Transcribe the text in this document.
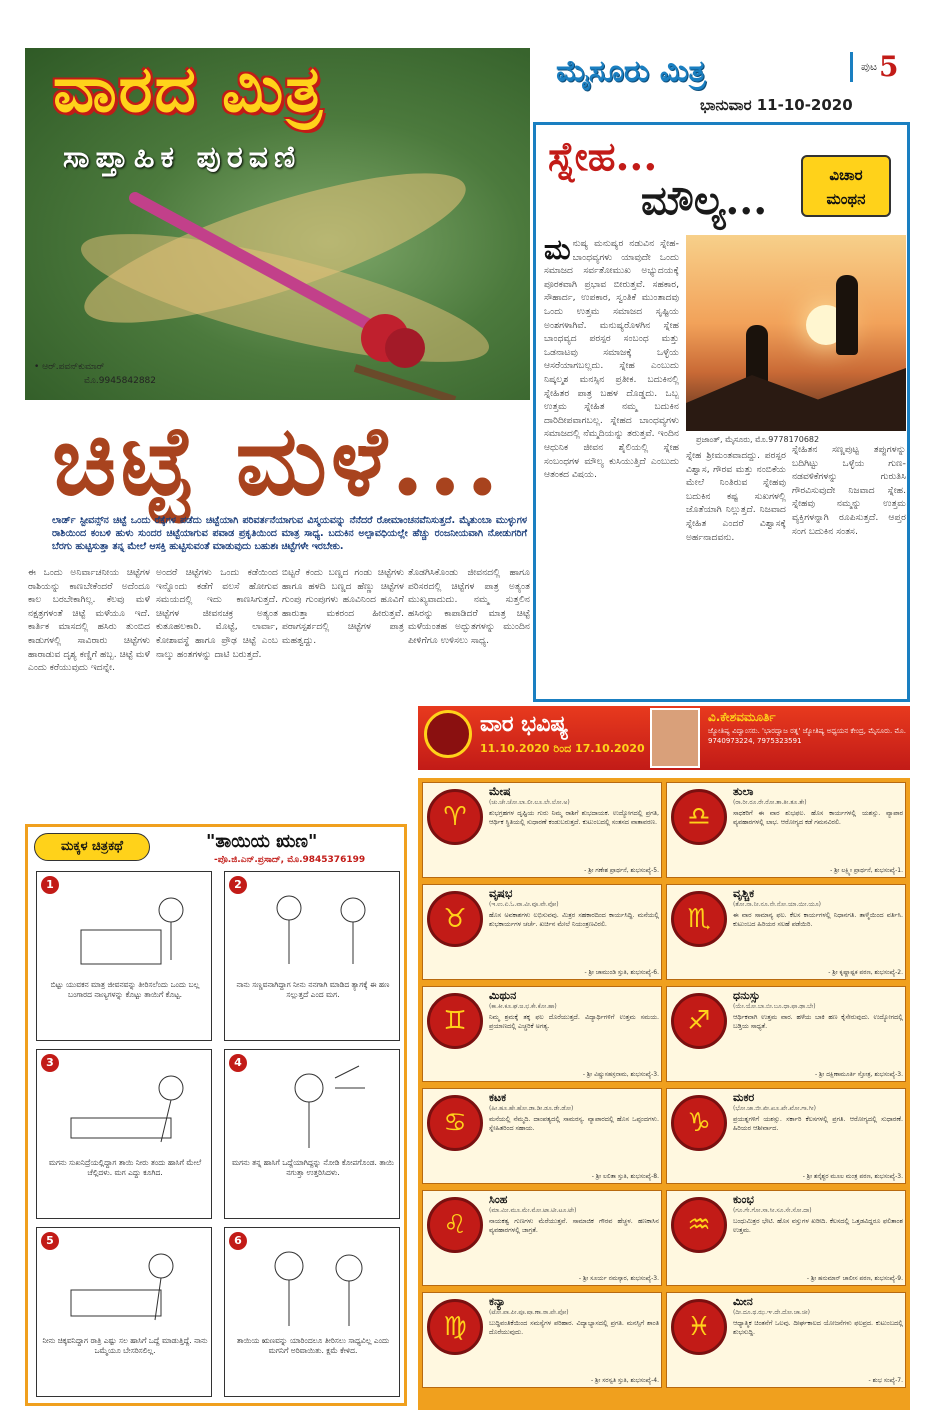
ವಾರದ ಮಿತ್ರ
ಸಾಪ್ತಾಹಿಕ ಪುರವಣಿ
• ಆರ್.ಪವನ್‌ಕುಮಾರ್
ಮೊ.9945842882
ಮೈಸೂರು ಮಿತ್ರ	ಪುಟ 5
ಭಾನುವಾರ 11-10-2020
ಸ್ನೇಹ...
ಮೌಲ್ಯ...
ವಿಚಾರ
ಮಂಥನ
ಪ್ರಜಾಂತ್, ಮೈಸೂರು, ಮೊ.9778170682
ಮನುಷ್ಯ ಮನುಷ್ಯರ ನಡುವಿನ ಸ್ನೇಹ-ಬಾಂಧವ್ಯಗಳು ಯಾವುದೇ ಒಂದು ಸಮಾಜದ ಸರ್ವತೋಮುಖ ಅಭ್ಯುದಯಕ್ಕೆ ಪೂರಕವಾಗಿ ಪ್ರಭಾವ ಬೀರುತ್ತವೆ. ಸಹಕಾರ, ಸೌಹಾರ್ದ, ಉಪಕಾರ, ಸ್ವಂತಿಕೆ ಮುಂತಾದವು ಒಂದು ಉತ್ತಮ ಸಮಾಜದ ಸೃಷ್ಟಿಯ ಅಂಶಗಳಾಗಿವೆ. ಮನುಷ್ಯರೊಳಗಿನ ಸ್ನೇಹ ಬಾಂಧವ್ಯದ ಪರಸ್ಪರ ಸಂಬಂಧ ಮತ್ತು ಒಡನಾಟವು ಸಮಾಜಕ್ಕೆ ಒಳ್ಳೆಯ ಆಸರೆಯಾಗಬಲ್ಲದು. ಸ್ನೇಹ ಎಂಬುದು ನಿಷ್ಕಲ್ಮಶ ಮನಸ್ಸಿನ ಪ್ರತೀಕ. ಬದುಕಿನಲ್ಲಿ ಸ್ನೇಹಿತರ ಪಾತ್ರ ಬಹಳ ದೊಡ್ಡದು. ಒಬ್ಬ ಉತ್ತಮ ಸ್ನೇಹಿತ ನಮ್ಮ ಬದುಕಿನ ದಾರಿದೀಪವಾಗಬಲ್ಲ. ಸ್ನೇಹದ ಬಾಂಧವ್ಯಗಳು ಸಮಾಜದಲ್ಲಿ ನೆಮ್ಮದಿಯನ್ನು ತರುತ್ತವೆ. ಇಂದಿನ ಆಧುನಿಕ ಜೀವನ ಶೈಲಿಯಲ್ಲಿ ಸ್ನೇಹ ಸಂಬಂಧಗಳ ಮೌಲ್ಯ ಕುಸಿಯುತ್ತಿದೆ ಎಂಬುದು ಆತಂಕದ ವಿಷಯ.
ಸ್ನೇಹ ಶ್ರೀಮಂತವಾದದ್ದು. ಪರಸ್ಪರ ವಿಶ್ವಾಸ, ಗೌರವ ಮತ್ತು ನಂಬಿಕೆಯ ಮೇಲೆ ನಿಂತಿರುವ ಸ್ನೇಹವು ಬದುಕಿನ ಕಷ್ಟ ಸುಖಗಳಲ್ಲಿ ಜೊತೆಯಾಗಿ ನಿಲ್ಲುತ್ತದೆ. ನಿಜವಾದ ಸ್ನೇಹಿತ ಎಂದರೆ ವಿಶ್ವಾಸಕ್ಕೆ ಅರ್ಹನಾದವನು.
ಸ್ನೇಹಿತನ ಸಣ್ಣಪುಟ್ಟ ತಪ್ಪುಗಳನ್ನು ಬದಿಗಿಟ್ಟು ಒಳ್ಳೆಯ ಗುಣ-ನಡವಳಿಕೆಗಳನ್ನು ಗುರುತಿಸಿ ಗೌರವಿಸುವುದೇ ನಿಜವಾದ ಸ್ನೇಹ. ಸ್ನೇಹವು ನಮ್ಮನ್ನು ಉತ್ತಮ ವ್ಯಕ್ತಿಗಳನ್ನಾಗಿ ರೂಪಿಸುತ್ತದೆ. ಆಪ್ತರ ಸಂಗ ಬದುಕಿನ ಸಂತಸ.
ಚಿಟ್ಟೆ ಮಳೆ...
ಲಾರ್ಡ್ ಸ್ಟೀವನ್ಸ್‌ನ ಚಿಟ್ಟೆ ಒಂದು ರೆಕ್ಕೆಗಳ ಪಡೆದು ಚಿಟ್ಟೆಯಾಗಿ ಪರಿವರ್ತನೆಯಾಗುವ ವಿಸ್ಮಯವನ್ನು ನೆನೆದರೆ ರೋಮಾಂಚನವೆನಿಸುತ್ತದೆ. ಮೈತುಂಬಾ ಮುಳ್ಳುಗಳ ರಾಶಿಯಿಂದ ಕಂಬಳಿ ಹುಳು ಸುಂದರ ಚಿಟ್ಟೆಯಾಗುವ ಪವಾಡ ಪ್ರಕೃತಿಯಿಂದ ಮಾತ್ರ ಸಾಧ್ಯ. ಬದುಕಿನ ಅಲ್ಪಾವಧಿಯಲ್ಲೇ ಹೆಚ್ಚು ರಂಜನೀಯವಾಗಿ ನೋಡುಗರಿಗೆ ಬೆರಗು ಹುಟ್ಟಿಸುತ್ತಾ ತನ್ನ ಮೇಲೆ ಆಸಕ್ತಿ ಹುಟ್ಟಿಸುವಂತೆ ಮಾಡುವುದು ಬಹುಶಃ ಚಿಟ್ಟೆಗಳೇ ಇರಬೇಕು.
ಈ ಒಂದು ಅನಿರ್ವಾಚನೀಯ ಚಿಟ್ಟೆಗಳ ರಾಶಿಯನ್ನು ಕಾಣಬೇಕೆಂದರೆ ಅದೆಂದೂ ಕಾಲ ಬರಬೇಕಾಗಿಲ್ಲ. ಕೆಲವು ಮಳೆ ನಕ್ಷತ್ರಗಳಂತೆ ಚಿಟ್ಟೆ ಮಳೆಯೂ ಇದೆ. ಕಾರ್ತಿಕ ಮಾಸದಲ್ಲಿ ಹಸಿರು ತುಂಬಿದ ಕಾಡುಗಳಲ್ಲಿ ಸಾವಿರಾರು ಚಿಟ್ಟೆಗಳು ಹಾರಾಡುವ ದೃಶ್ಯ ಕಣ್ಣಿಗೆ ಹಬ್ಬ. ಚಿಟ್ಟೆ ಮಳೆ ಎಂದು ಕರೆಯುವುದು ಇದನ್ನೇ.
ಅಂದರೆ ಚಿಟ್ಟೆಗಳು ಒಂದು ಕಡೆಯಿಂದ ಇನ್ನೊಂದು ಕಡೆಗೆ ವಲಸೆ ಹೋಗುವ ಸಮಯದಲ್ಲಿ ಇದು ಕಾಣಸಿಗುತ್ತದೆ. ಚಿಟ್ಟೆಗಳ ಜೀವನಚಕ್ರ ಅತ್ಯಂತ ಕುತೂಹಲಕಾರಿ. ಮೊಟ್ಟೆ, ಲಾರ್ವಾ, ಕೋಶಾವಸ್ಥೆ ಹಾಗೂ ಪ್ರೌಢ ಚಿಟ್ಟೆ ಎಂಬ ನಾಲ್ಕು ಹಂತಗಳನ್ನು ದಾಟಿ ಬರುತ್ತದೆ.
ಬಿಟ್ಟರೆ ಕಂದು ಬಣ್ಣದ ಗಂಡು ಚಿಟ್ಟೆಗಳು ಹಾಗೂ ಹಳದಿ ಬಣ್ಣದ ಹೆಣ್ಣು ಚಿಟ್ಟೆಗಳ ಗುಂಪು ಗುಂಪುಗಳು ಹೂವಿನಿಂದ ಹೂವಿಗೆ ಹಾರುತ್ತಾ ಮಕರಂದ ಹೀರುತ್ತವೆ. ಪರಾಗಸ್ಪರ್ಶದಲ್ಲಿ ಚಿಟ್ಟೆಗಳ ಪಾತ್ರ ಮಹತ್ವದ್ದು.
ತೊಡಗಿಸಿಕೊಂಡು ಜೀವನದಲ್ಲಿ ಹಾಗೂ ಪರಿಸರದಲ್ಲಿ ಚಿಟ್ಟೆಗಳ ಪಾತ್ರ ಅತ್ಯಂತ ಮುಖ್ಯವಾದುದು. ನಮ್ಮ ಸುತ್ತಲಿನ ಹಸಿರನ್ನು ಕಾಪಾಡಿದರೆ ಮಾತ್ರ ಚಿಟ್ಟೆ ಮಳೆಯಂತಹ ಅದ್ಭುತಗಳನ್ನು ಮುಂದಿನ ಪೀಳಿಗೆಗೂ ಉಳಿಸಲು ಸಾಧ್ಯ.
ಮಕ್ಕಳ ಚಿತ್ರಕಥೆ	"ತಾಯಿಯ ಋಣ"
-ಪೊ.ಜಿ.ಎನ್.ಪ್ರಸಾದ್, ಮೊ.9845376199
1
ಬಿಟ್ಟು ಯುವಕನ ಮಾತ್ರ ಜೀವನವನ್ನು ತೀರಿಸಲೆಂದು ಒಂದು ಬಲ್ಲ ಬಂಗಾರದ ನಾಣ್ಯಗಳನ್ನು ಕೊಟ್ಟು ತಾಯಿಗೆ ಕೊಟ್ಟ.
2
ನಾನು ಸಣ್ಣವನಾಗಿದ್ದಾಗ ನೀನು ನನಗಾಗಿ ಮಾಡಿದ ತ್ಯಾಗಕ್ಕೆ ಈ ಹಣ ಸಲ್ಲುತ್ತದೆ ಎಂದ ಮಗ.
3
ಮಗನು ಸುಖನಿದ್ರೆಯಲ್ಲಿದ್ದಾಗ ತಾಯಿ ನೀರು ತಂದು ಹಾಸಿಗೆ ಮೇಲೆ ಚೆಲ್ಲಿದಳು. ಮಗ ಎದ್ದು ಕೂಗಿದ.
4
ಮಗನು ತನ್ನ ಹಾಸಿಗೆ ಒದ್ದೆಯಾಗಿದ್ದನ್ನು ನೋಡಿ ಕೋಪಗೊಂಡ. ತಾಯಿ ನಗುತ್ತಾ ಉತ್ತರಿಸಿದಳು.
5
ನೀನು ಚಿಕ್ಕವನಿದ್ದಾಗ ರಾತ್ರಿ ಎಷ್ಟು ಸಲ ಹಾಸಿಗೆ ಒದ್ದೆ ಮಾಡುತ್ತಿದ್ದೆ. ನಾನು ಒಮ್ಮೆಯೂ ಬೇಸರಿಸಲಿಲ್ಲ.
6
ತಾಯಿಯ ಋಣವನ್ನು ಯಾರಿಂದಲೂ ತೀರಿಸಲು ಸಾಧ್ಯವಿಲ್ಲ ಎಂದು ಮಗನಿಗೆ ಅರಿವಾಯಿತು. ಕ್ಷಮೆ ಕೇಳಿದ.
ವಾರ ಭವಿಷ್ಯ
11.10.2020 ರಿಂದ 17.10.2020
ವಿ.ಕೇಶವಮೂರ್ತಿ
ಜ್ಯೋತಿಷ್ಯ ವಿದ್ವಾಂಸರು. 'ಭಾರದ್ವಾಜ ರತ್ನ' ಜ್ಯೋತಿಷ್ಯ ಅಧ್ಯಯನ ಕೇಂದ್ರ, ಮೈಸೂರು. ಮೊ. 9740973224, 7975323591
♈
ಮೇಷ
(ಚು.ಚೇ.ಚೋ.ಲಾ.ಲೀ.ಲೂ.ಲೇ.ಲೋ.ಅ)
ಶುಭಗ್ರಹಗಳ ದೃಷ್ಟಿಯ ಗುರು ನಿಮ್ಮ ರಾಶಿಗೆ ಶುಭದಾಯಕ. ಉದ್ಯೋಗದಲ್ಲಿ ಪ್ರಗತಿ, ಆರ್ಥಿಕ ಸ್ಥಿತಿಯಲ್ಲಿ ಸುಧಾರಣೆ ಕಂಡುಬರುತ್ತದೆ. ಕುಟುಂಬದಲ್ಲಿ ಸಂತಸದ ವಾತಾವರಣ.
- ಶ್ರೀ ಗಣೇಶ ಪ್ರಾರ್ಥನೆ, ಶುಭಸಂಖ್ಯೆ-5.
♎
ತುಲಾ
(ರಾ.ರೀ.ರೂ.ರೇ.ರೋ.ತಾ.ತೀ.ತೂ.ತೇ)
ಸಾಧಕರಿಗೆ ಈ ವಾರ ಶುಭಫಲ. ಹೊಸ ಕಾರ್ಯಗಳಲ್ಲಿ ಯಶಸ್ಸು. ವ್ಯಾಪಾರ ವ್ಯವಹಾರಗಳಲ್ಲಿ ಲಾಭ. ಆರೋಗ್ಯದ ಕಡೆ ಗಮನವಿರಲಿ.
- ಶ್ರೀ ಲಕ್ಷ್ಮೀ ಪ್ರಾರ್ಥನೆ, ಶುಭಸಂಖ್ಯೆ-1.
♉
ವೃಷಭ
(ಇ.ಉ.ಏ.ಓ.ವಾ.ವೀ.ವೂ.ವೇ.ವೋ)
ಹೊಸ ಅವಕಾಶಗಳು ಲಭಿಸುವವು. ಮಿತ್ರರ ಸಹಕಾರದಿಂದ ಕಾರ್ಯಸಿದ್ಧಿ. ಮನೆಯಲ್ಲಿ ಶುಭಕಾರ್ಯಗಳ ಚರ್ಚೆ. ಖರ್ಚಿನ ಮೇಲೆ ನಿಯಂತ್ರಣವಿರಲಿ.
- ಶ್ರೀ ಚಾಮುಂಡಿ ಸ್ತುತಿ, ಶುಭಸಂಖ್ಯೆ-6.
♏
ವೃಶ್ಚಿಕ
(ತೋ.ನಾ.ನೀ.ನೂ.ನೇ.ನೋ.ಯಾ.ಯೀ.ಯೂ)
ಈ ವಾರ ಸಾಮಾನ್ಯ ಫಲ. ಕೆಲಸ ಕಾರ್ಯಗಳಲ್ಲಿ ನಿಧಾನಗತಿ. ತಾಳ್ಮೆಯಿಂದ ವರ್ತಿಸಿ. ಕುಟುಂಬದ ಹಿರಿಯರ ಸಲಹೆ ಪಡೆಯಿರಿ.
- ಶ್ರೀ ಕೃಷ್ಣಾಷ್ಟಕ ಪಠಣ, ಶುಭಸಂಖ್ಯೆ-2.
♊
ಮಿಥುನ
(ಕಾ.ಕೀ.ಕೂ.ಘ.ಙ.ಛ.ಕೇ.ಕೋ.ಹಾ)
ನಿಮ್ಮ ಶ್ರಮಕ್ಕೆ ತಕ್ಕ ಫಲ ದೊರೆಯುತ್ತದೆ. ವಿದ್ಯಾರ್ಥಿಗಳಿಗೆ ಉತ್ತಮ ಸಮಯ. ಪ್ರಯಾಣದಲ್ಲಿ ಎಚ್ಚರಿಕೆ ಅಗತ್ಯ.
- ಶ್ರೀ ವಿಷ್ಣುಸಹಸ್ರನಾಮ, ಶುಭಸಂಖ್ಯೆ-3.
♐
ಧನುಸ್ಸು
(ಯೇ.ಯೋ.ಬಾ.ಬೀ.ಬೂ.ಧಾ.ಫಾ.ಢಾ.ಬೇ)
ಆರ್ಥಿಕವಾಗಿ ಉತ್ತಮ ವಾರ. ಹಳೆಯ ಬಾಕಿ ಹಣ ಕೈಸೇರುವುದು. ಉದ್ಯೋಗದಲ್ಲಿ ಬಡ್ತಿಯ ಸಾಧ್ಯತೆ.
- ಶ್ರೀ ದಕ್ಷಿಣಾಮೂರ್ತಿ ಸ್ತೋತ್ರ, ಶುಭಸಂಖ್ಯೆ-3.
♋
ಕಟಕ
(ಹೀ.ಹೂ.ಹೇ.ಹೋ.ಡಾ.ಡೀ.ಡೂ.ಡೇ.ಡೋ)
ಮನೆಯಲ್ಲಿ ನೆಮ್ಮದಿ. ದಾಂಪತ್ಯದಲ್ಲಿ ಸಾಮರಸ್ಯ. ವ್ಯಾಪಾರದಲ್ಲಿ ಹೊಸ ಒಪ್ಪಂದಗಳು. ಸ್ನೇಹಿತರಿಂದ ಸಹಾಯ.
- ಶ್ರೀ ಲಲಿತಾ ಸ್ತುತಿ, ಶುಭಸಂಖ್ಯೆ-8.
♑
ಮಕರ
(ಭೋ.ಜಾ.ಜೀ.ಖೀ.ಖೂ.ಖೇ.ಖೋ.ಗಾ.ಗೀ)
ಪ್ರಯತ್ನಗಳಿಗೆ ಯಶಸ್ಸು. ಸರ್ಕಾರಿ ಕೆಲಸಗಳಲ್ಲಿ ಪ್ರಗತಿ. ಆರೋಗ್ಯದಲ್ಲಿ ಸುಧಾರಣೆ. ಹಿರಿಯರ ಆಶೀರ್ವಾದ.
- ಶ್ರೀ ಶನೈಶ್ಚರ ಮೂಲ ಮಂತ್ರ ಪಠಣ, ಶುಭಸಂಖ್ಯೆ-3.
♌
ಸಿಂಹ
(ಮಾ.ಮೀ.ಮೂ.ಮೇ.ಮೋ.ಟಾ.ಟೀ.ಟೂ.ಟೇ)
ನಾಯಕತ್ವ ಗುಣಗಳು ಮೆರೆಯುತ್ತವೆ. ಸಾಮಾಜಿಕ ಗೌರವ ಹೆಚ್ಚಳ. ಹಣಕಾಸಿನ ವ್ಯವಹಾರಗಳಲ್ಲಿ ಜಾಗ್ರತೆ.
- ಶ್ರೀ ಸೂರ್ಯ ನಮಸ್ಕಾರ, ಶುಭಸಂಖ್ಯೆ-3.
♒
ಕುಂಭ
(ಗೂ.ಗೇ.ಗೋ.ಸಾ.ಸೀ.ಸೂ.ಸೇ.ಸೋ.ದಾ)
ಬಂಧುಮಿತ್ರರ ಭೇಟಿ. ಹೊಸ ವಸ್ತುಗಳ ಖರೀದಿ. ಕೆಲಸದಲ್ಲಿ ಒತ್ತಡವಿದ್ದರೂ ಫಲಿತಾಂಶ ಉತ್ತಮ.
- ಶ್ರೀ ಹನುಮಾನ್ ಚಾಲೀಸ ಪಠಣ, ಶುಭಸಂಖ್ಯೆ-9.
♍
ಕನ್ಯಾ
(ಟೋ.ಪಾ.ಪೀ.ಪೂ.ಷಾ.ಣಾ.ಠಾ.ಪೇ.ಪೋ)
ಬುದ್ಧಿವಂತಿಕೆಯಿಂದ ಸಮಸ್ಯೆಗಳ ಪರಿಹಾರ. ವಿದ್ಯಾಭ್ಯಾಸದಲ್ಲಿ ಪ್ರಗತಿ. ಮನಸ್ಸಿಗೆ ಶಾಂತಿ ದೊರೆಯುವುದು.
- ಶ್ರೀ ಸರಸ್ವತಿ ಸ್ತುತಿ, ಶುಭಸಂಖ್ಯೆ-4.
♓
ಮೀನ
(ದೀ.ದೂ.ಥ.ಝ.ಞ.ದೇ.ದೋ.ಚಾ.ಚೀ)
ಆಧ್ಯಾತ್ಮಿಕ ಚಿಂತನೆಗೆ ಒಲವು. ದೀರ್ಘಕಾಲದ ಯೋಜನೆಗಳು ಫಲಪ್ರದ. ಕುಟುಂಬದಲ್ಲಿ ಶುಭಸುದ್ದಿ.
- ಶುಭ ಸಂಖ್ಯೆ-7.
